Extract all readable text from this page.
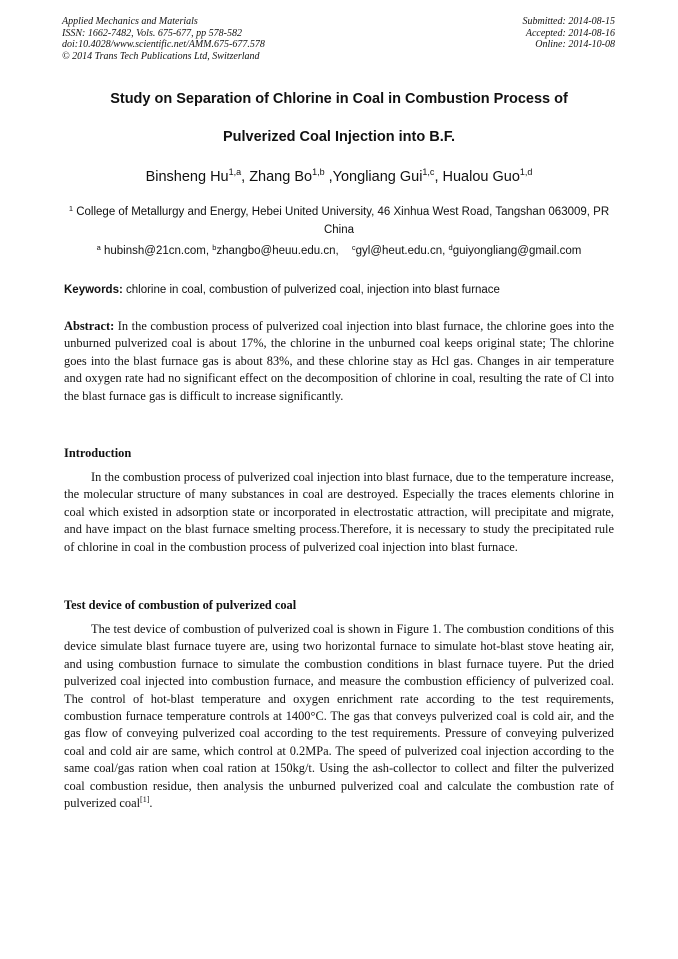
Applied Mechanics and Materials
ISSN: 1662-7482, Vols. 675-677, pp 578-582
doi:10.4028/www.scientific.net/AMM.675-677.578
© 2014 Trans Tech Publications Ltd, Switzerland
Submitted: 2014-08-15
Accepted: 2014-08-16
Online: 2014-10-08
Study on Separation of Chlorine in Coal in Combustion Process of
Pulverized Coal Injection into B.F.
Binsheng Hu$^{1,a}$, Zhang Bo$^{1,b}$ ,Yongliang Gui$^{1,c}$, Hualou Guo$^{1,d}$
$^1$ College of Metallurgy and Energy, Hebei United University, 46 Xinhua West Road, Tangshan 063009, PR China
$^a$ hubinsh@21cn.com, $^b$zhangbo@heuu.edu.cn, $^c$gyl@heut.edu.cn, $^d$guiyongliang@gmail.com
Keywords: chlorine in coal, combustion of pulverized coal, injection into blast furnace

Abstract: In the combustion process of pulverized coal injection into blast furnace, the chlorine goes into the unburned pulverized coal is about 17%, the chlorine in the unburned coal keeps original state; The chlorine goes into the blast furnace gas is about 83%, and these chlorine stay as Hcl gas. Changes in air temperature and oxygen rate had no significant effect on the decomposition of chlorine in coal, resulting the rate of Cl into the blast furnace gas is difficult to increase significantly.

Introduction

In the combustion process of pulverized coal injection into blast furnace, due to the temperature increase, the molecular structure of many substances in coal are destroyed. Especially the traces elements chlorine in coal which existed in adsorption state or incorporated in electrostatic attraction, will precipitate and migrate, and have impact on the blast furnace smelting process.Therefore, it is necessary to study the precipitated rule of chlorine in coal in the combustion process of pulverized coal injection into blast furnace.

Test device of combustion of pulverized coal

The test device of combustion of pulverized coal is shown in Figure 1. The combustion conditions of this device simulate blast furnace tuyere are, using two horizontal furnace to simulate hot-blast stove heating air, and using combustion furnace to simulate the combustion conditions in blast furnace tuyere. Put the dried pulverized coal injected into combustion furnace, and measure the combustion efficiency of pulverized coal. The control of hot-blast temperature and oxygen enrichment rate according to the test requirements, combustion furnace temperature controls at 1400°C. The gas that conveys pulverized coal is cold air, and the gas flow of conveying pulverized coal according to the test requirements. Pressure of conveying pulverized coal and cold air are same, which control at 0.2MPa. The speed of pulverized coal injection according to the same coal/gas ration when coal ration at 150kg/t. Using the ash-collector to collect and filter the pulverized coal combustion residue, then analysis the unburned pulverized coal and calculate the combustion rate of pulverized coal[1].
